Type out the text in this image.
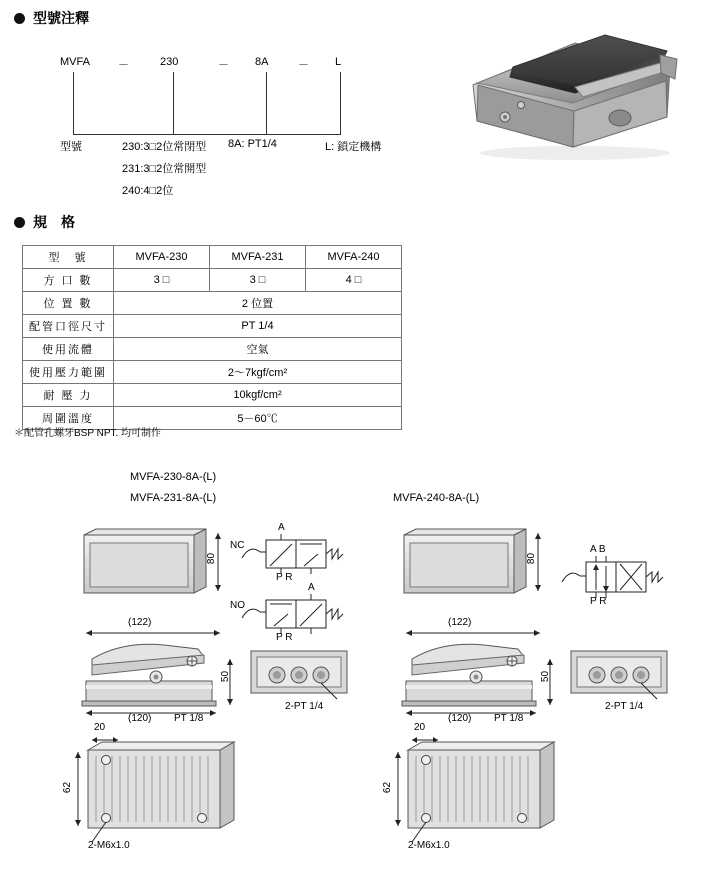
型號注釋
MVFA	－	230	－ 8A	－ L
型號	230:3□2位常閉型
231:3□2位常開型
240:4□2位
8A: PT1/4	L: 鎖定機構
規　格
型　號	MVFA-230	MVFA-231	MVFA-240
方 口 數	3 □	3 □	4 □
位 置 數	2 位置		
配管口徑尺寸	PT 1/4		
使用流體	空氣		
使用壓力範圍	2～7kgf/cm²		
耐 壓 力	10kgf/cm²		
周圍溫度	5－60℃		
＊配管孔螺牙BSP NPT. 均可制作
MVFA-230-8A-(L)
MVFA-231-8A-(L)	MVFA-240-8A-(L)
80
NC
A
P R
NO
A
P R
80
A B
P R
(122)
50
(120) PT 1/8
2-PT 1/4
(122)
50
(120) PT 1/8
2-PT 1/4
20
62
2-M6x1.0
20
62
2-M6x1.0
